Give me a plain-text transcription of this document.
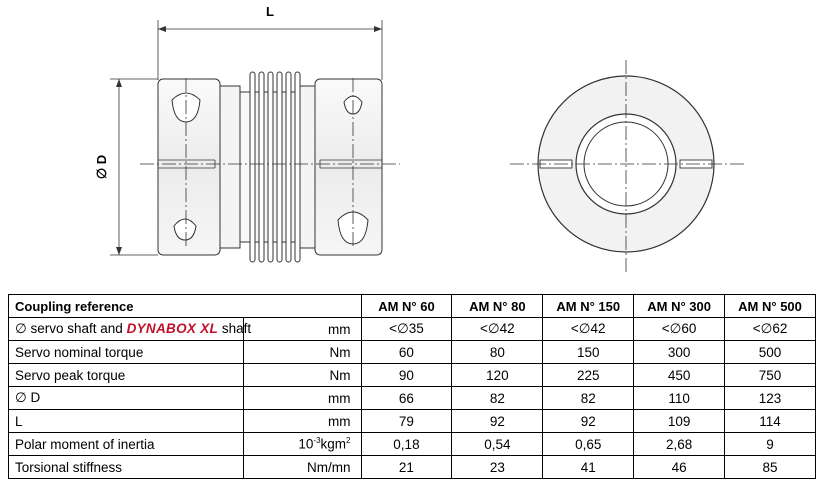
L
∅ D
Coupling reference		AM N° 60	AM N° 80	AM N° 150	AM N° 300	AM N° 500
∅ servo shaft and DYNABOX XL shaft	mm	<∅35	<∅42	<∅42	<∅60	<∅62
Servo nominal torque	Nm	60	80	150	300	500
Servo peak torque	Nm	90	120	225	450	750
∅ D	mm	66	82	82	110	123
L	mm	79	92	92	109	114
Polar moment of inertia	$10^{-3}kgm^2$	0,18	0,54	0,65	2,68	9
Torsional stiffness	Nm/mn	21	23	41	46	85
